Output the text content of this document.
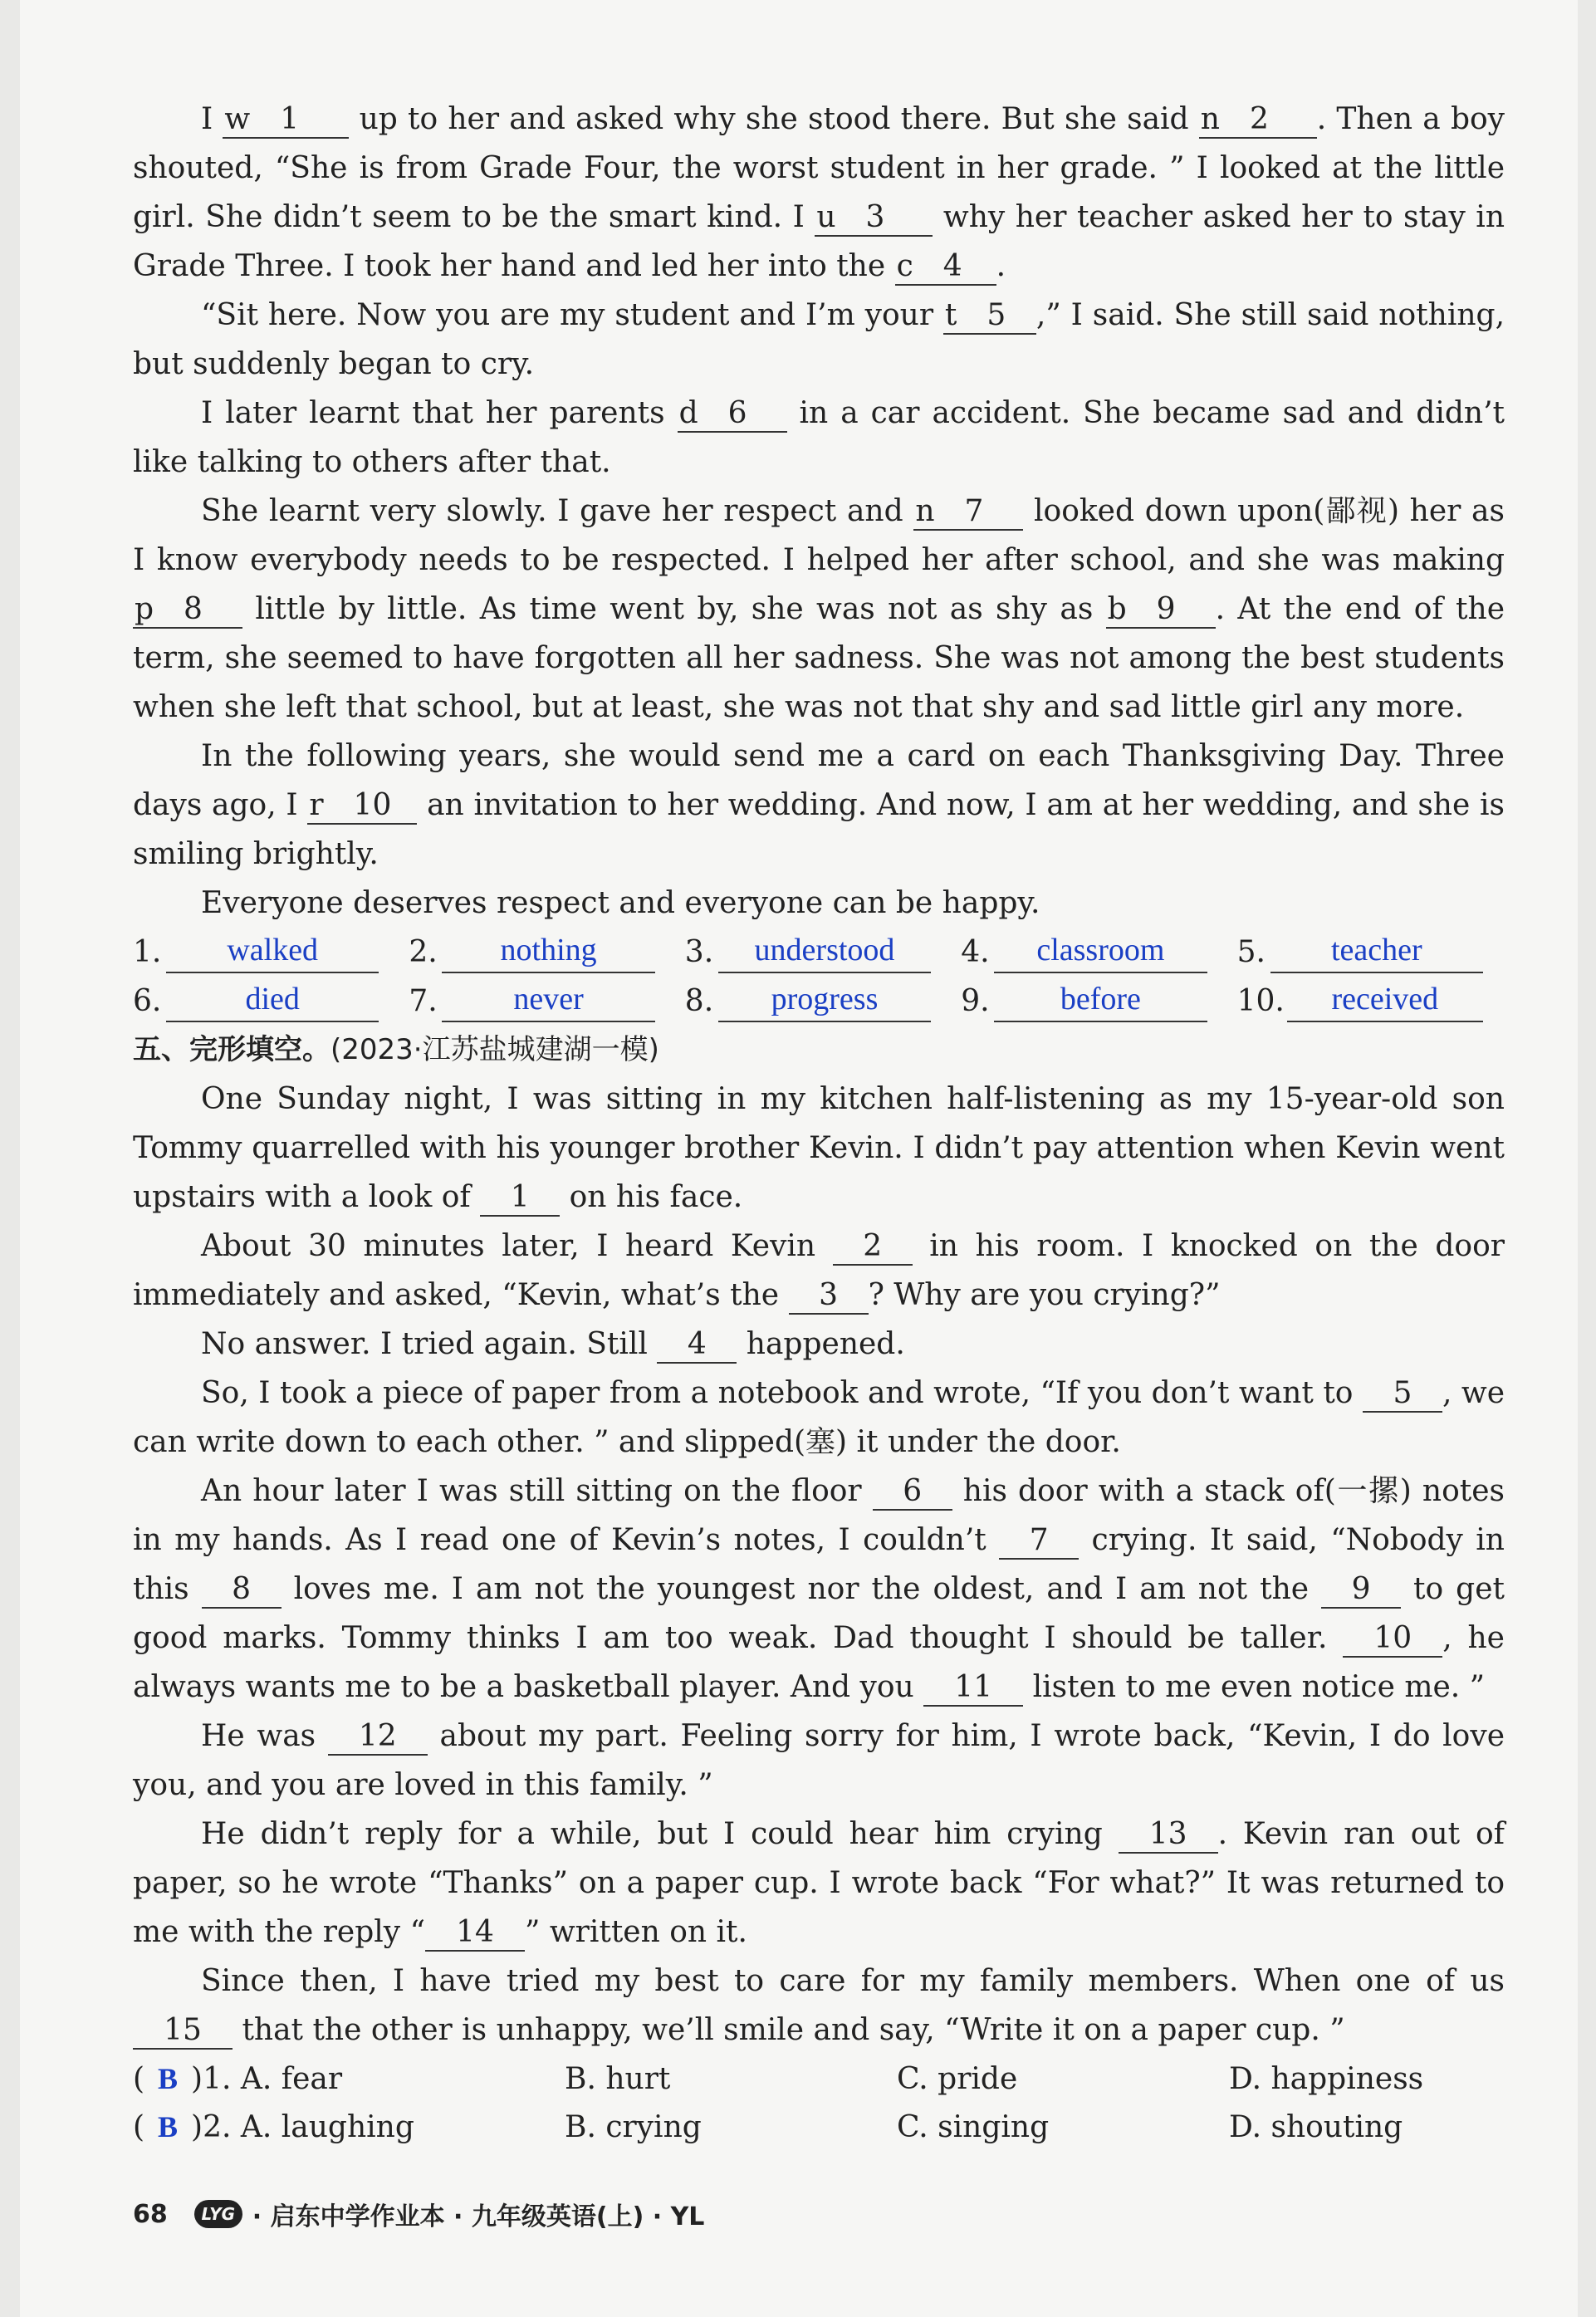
I w 1 up to her and asked why she stood there. But she said n 2 . Then a boy shouted, “She is from Grade Four, the worst student in her grade. ” I looked at the little girl. She didn’t seem to be the smart kind. I u 3 why her teacher asked her to stay in Grade Three. I took her hand and led her into the c 4 .

“Sit here. Now you are my student and I’m your t 5 ,” I said. She still said nothing, but suddenly began to cry.

I later learnt that her parents d 6 in a car accident. She became sad and didn’t like talking to others after that.

She learnt very slowly. I gave her respect and n 7 looked down upon(鄙视) her as I know everybody needs to be respected. I helped her after school, and she was making p 8 little by little. As time went by, she was not as shy as b 9 . At the end of the term, she seemed to have forgotten all her sadness. She was not among the best students when she left that school, but at least, she was not that shy and sad little girl any more.

In the following years, she would send me a card on each Thanksgiving Day. Three days ago, I r 10 an invitation to her wedding. And now, I am at her wedding, and she is smiling brightly.

Everyone deserves respect and everyone can be happy.

1.	walked	2.	nothing	3.	understood	4.	classroom	5.	teacher
6.	died	7.	never	8.	progress	9.	before	10.	received
五、完形填空。(2023·江苏盐城建湖一模)

One Sunday night, I was sitting in my kitchen half-listening as my 15-year-old son Tommy quarrelled with his younger brother Kevin. I didn’t pay attention when Kevin went upstairs with a look of 1 on his face.

About 30 minutes later, I heard Kevin 2 in his room. I knocked on the door immediately and asked, “Kevin, what’s the 3 ? Why are you crying?”

No answer. I tried again. Still 4 happened.

So, I took a piece of paper from a notebook and wrote, “If you don’t want to 5 , we can write down to each other. ” and slipped(塞) it under the door.

An hour later I was still sitting on the floor 6 his door with a stack of(一摞) notes in my hands. As I read one of Kevin’s notes, I couldn’t 7 crying. It said, “Nobody in this 8 loves me. I am not the youngest nor the oldest, and I am not the 9 to get good marks. Tommy thinks I am too weak. Dad thought I should be taller. 10 , he always wants me to be a basketball player. And you 11 listen to me even notice me. ”

He was 12 about my part. Feeling sorry for him, I wrote back, “Kevin, I do love you, and you are loved in this family. ”

He didn’t reply for a while, but I could hear him crying 13 . Kevin ran out of paper, so he wrote “Thanks” on a paper cup. I wrote back “For what?” It was returned to me with the reply “ 14 ” written on it.

Since then, I have tried my best to care for my family members. When one of us 15 that the other is unhappy, we’ll smile and say, “Write it on a paper cup. ”

( B )1. A. fear	B. hurt	C. pride	D. happiness
( B )2. A. laughing	B. crying	C. singing	D. shouting
68	LYG · 启东中学作业本 · 九年级英语(上) · YL
